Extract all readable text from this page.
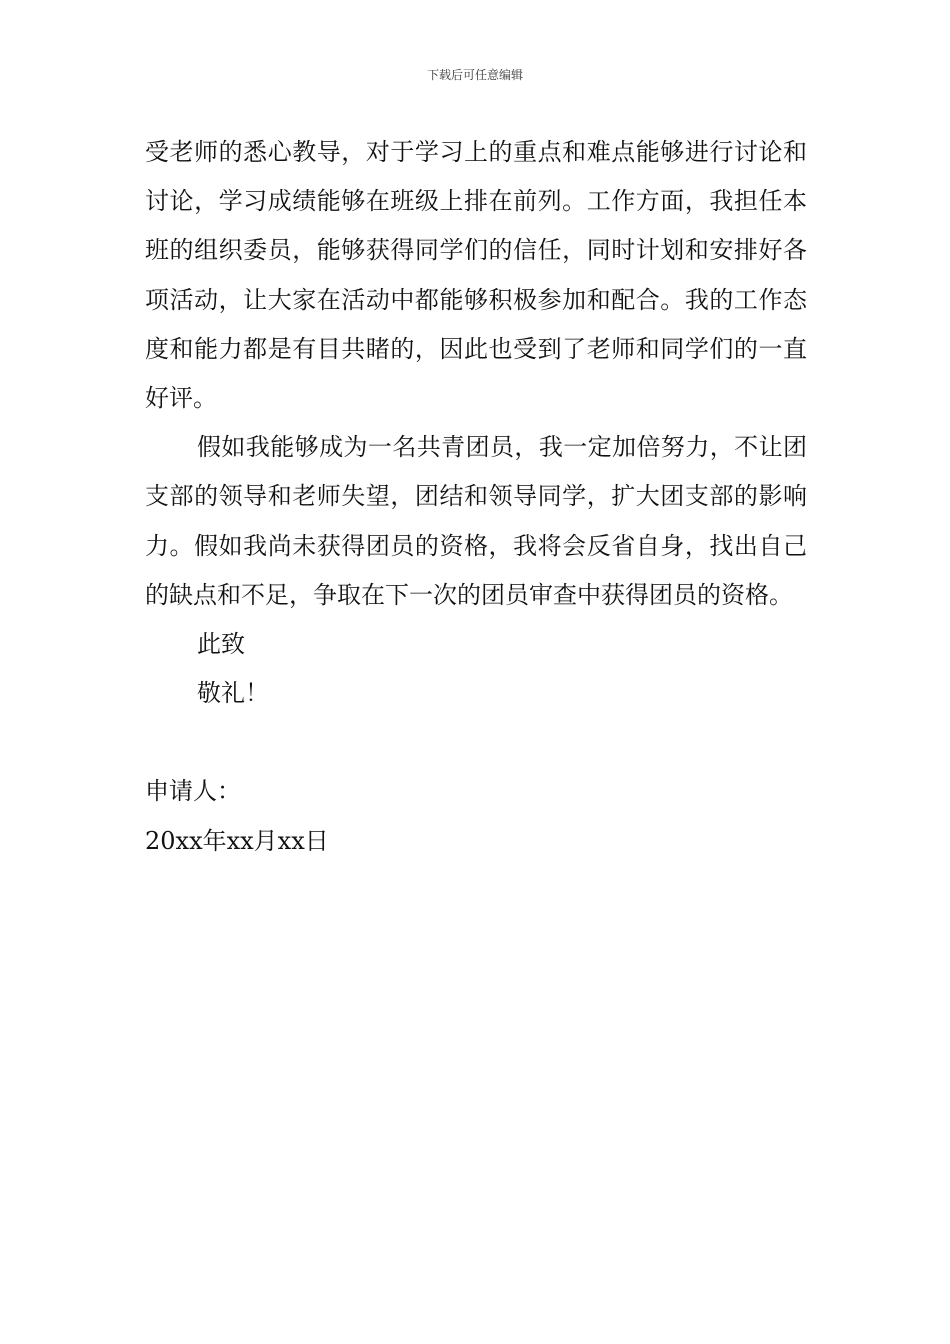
下载后可任意编辑

受老师的悉心教导，对于学习上的重点和难点能够进行讨论和讨论，学习成绩能够在班级上排在前列。工作方面，我担任本班的组织委员，能够获得同学们的信任，同时计划和安排好各项活动，让大家在活动中都能够积极参加和配合。我的工作态度和能力都是有目共睹的，因此也受到了老师和同学们的一直好评。

假如我能够成为一名共青团员，我一定加倍努力，不让团支部的领导和老师失望，团结和领导同学，扩大团支部的影响力。假如我尚未获得团员的资格，我将会反省自身，找出自己的缺点和不足，争取在下一次的团员审查中获得团员的资格。

此致

敬礼！

申请人：

20xx年xx月xx日
